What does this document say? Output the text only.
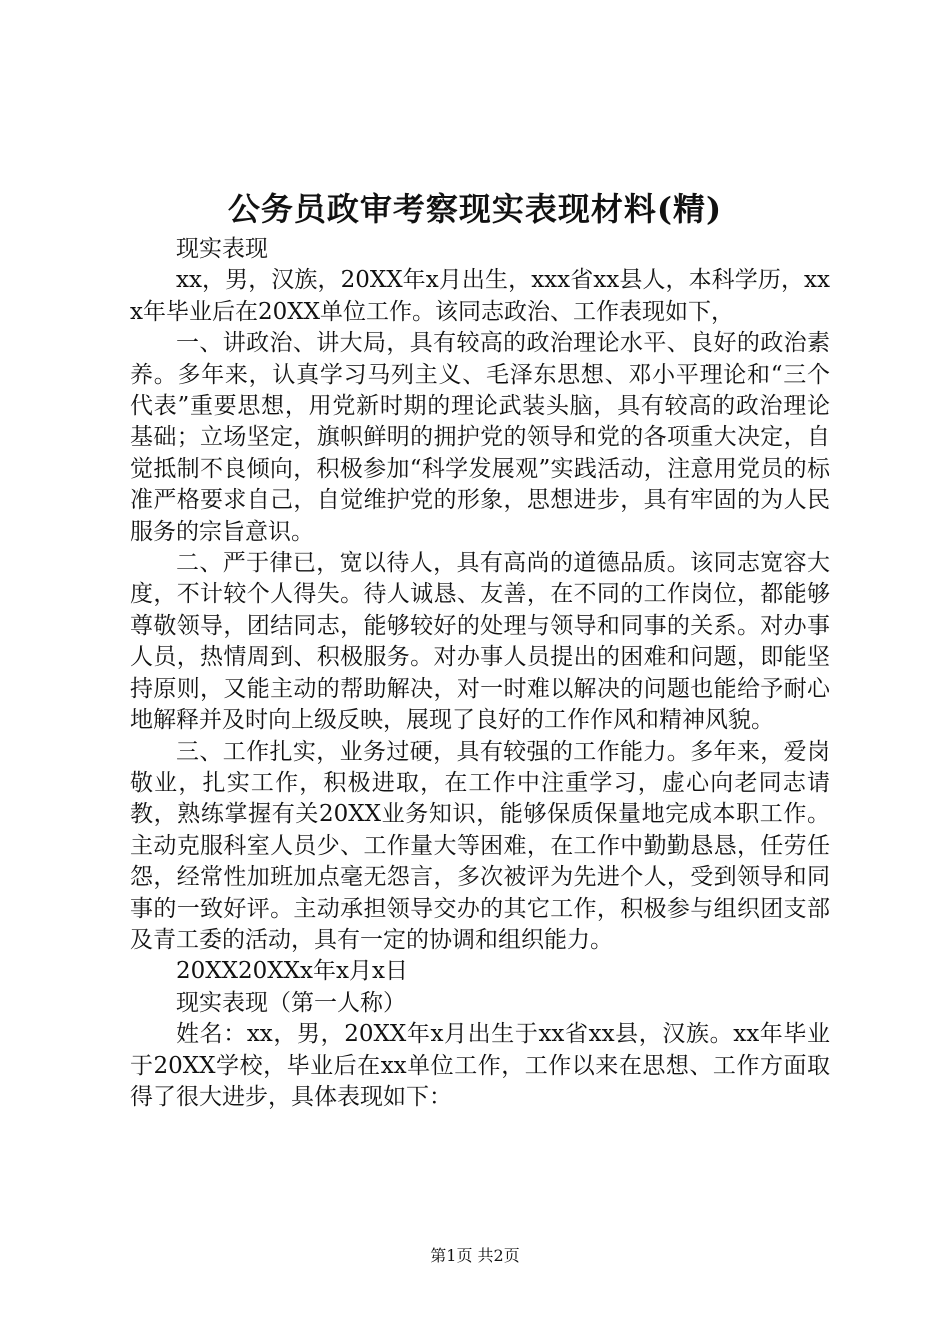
公务员政审考察现实表现材料(精)

现实表现

xx，男，汉族，20XX年x月出生，xxx省xx县人，本科学历，xxx年毕业后在20XX单位工作。该同志政治、工作表现如下，

一、讲政治、讲大局，具有较高的政治理论水平、良好的政治素养。多年来，认真学习马列主义、毛泽东思想、邓小平理论和“三个代表”重要思想，用党新时期的理论武装头脑，具有较高的政治理论基础；立场坚定，旗帜鲜明的拥护党的领导和党的各项重大决定，自觉抵制不良倾向，积极参加“科学发展观”实践活动，注意用党员的标准严格要求自己，自觉维护党的形象，思想进步，具有牢固的为人民服务的宗旨意识。

二、严于律已，宽以待人，具有高尚的道德品质。该同志宽容大度，不计较个人得失。待人诚恳、友善，在不同的工作岗位，都能够尊敬领导，团结同志，能够较好的处理与领导和同事的关系。对办事人员，热情周到、积极服务。对办事人员提出的困难和问题，即能坚持原则，又能主动的帮助解决，对一时难以解决的问题也能给予耐心地解释并及时向上级反映，展现了良好的工作作风和精神风貌。

三、工作扎实，业务过硬，具有较强的工作能力。多年来，爱岗敬业，扎实工作，积极进取，在工作中注重学习，虚心向老同志请教，熟练掌握有关20XX业务知识，能够保质保量地完成本职工作。主动克服科室人员少、工作量大等困难，在工作中勤勤恳恳，任劳任怨，经常性加班加点毫无怨言，多次被评为先进个人，受到领导和同事的一致好评。主动承担领导交办的其它工作，积极参与组织团支部及青工委的活动，具有一定的协调和组织能力。

20XX20XXx年x月x日

现实表现（第一人称）

姓名：xx，男，20XX年x月出生于xx省xx县，汉族。xx年毕业于20XX学校，毕业后在xx单位工作，工作以来在思想、工作方面取得了很大进步，具体表现如下：

第1页 共2页
